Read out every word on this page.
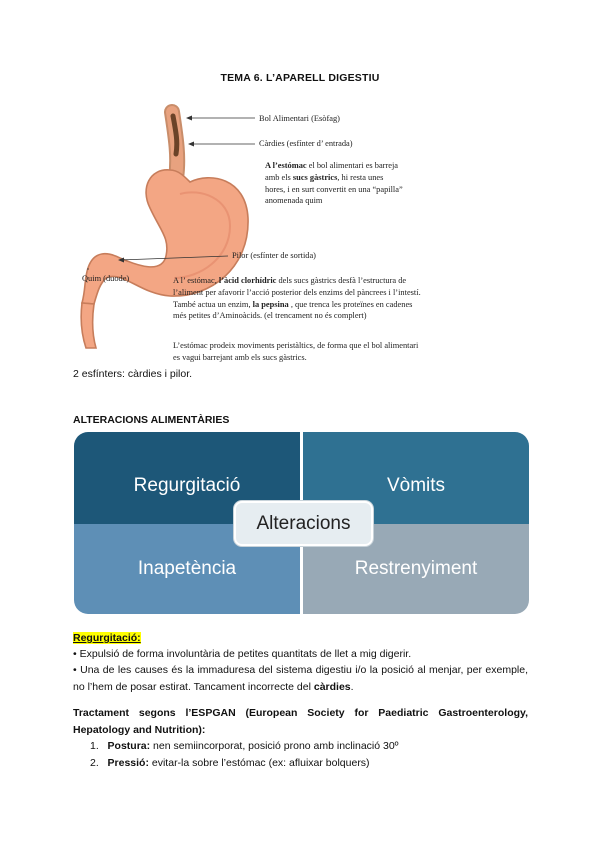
TEMA 6. L’APARELL DIGESTIU
Bol Alimentari (Esòfag)
Càrdies (esfínter d’ entrada)
Pilor (esfínter de sortida)
Quim (duode)
A l’estómac el bol alimentari es barreja amb els sucs gàstrics, hi resta unes hores, i en surt convertit en una “papilla” anomenada quim
A l’ estómac, l’àcid clorhídric dels sucs gàstrics desfà l’estructura de l’aliment per afavorir l’acció posterior dels enzims del pàncrees i l’intestí. També actua un enzim, la pepsina , que trenca les proteïnes en cadenes més petites d’Aminoàcids. (el trencament no és complert)
L’estómac prodeix moviments peristàltics, de forma que el bol alimentari es vagui barrejant amb els sucs gàstrics.
2 esfínters: càrdies i pilor.
ALTERACIONS ALIMENTÀRIES
Regurgitació	Vòmits
Inapetència	Restrenyiment
Alteracions
Regurgitació:
• Expulsió de forma involuntària de petites quantitats de llet a mig digerir.
• Una de les causes és la immaduresa del sistema digestiu i/o la posició al menjar, per exemple, no l’hem de posar estirat. Tancament incorrecte del càrdies.
Tractament segons l’ESPGAN (European Society for Paediatric Gastroenterology, Hepatology and Nutrition):
1. Postura: nen semiincorporat, posició prono amb inclinació 30º
2. Pressió: evitar-la sobre l’estómac (ex: afluixar bolquers)
